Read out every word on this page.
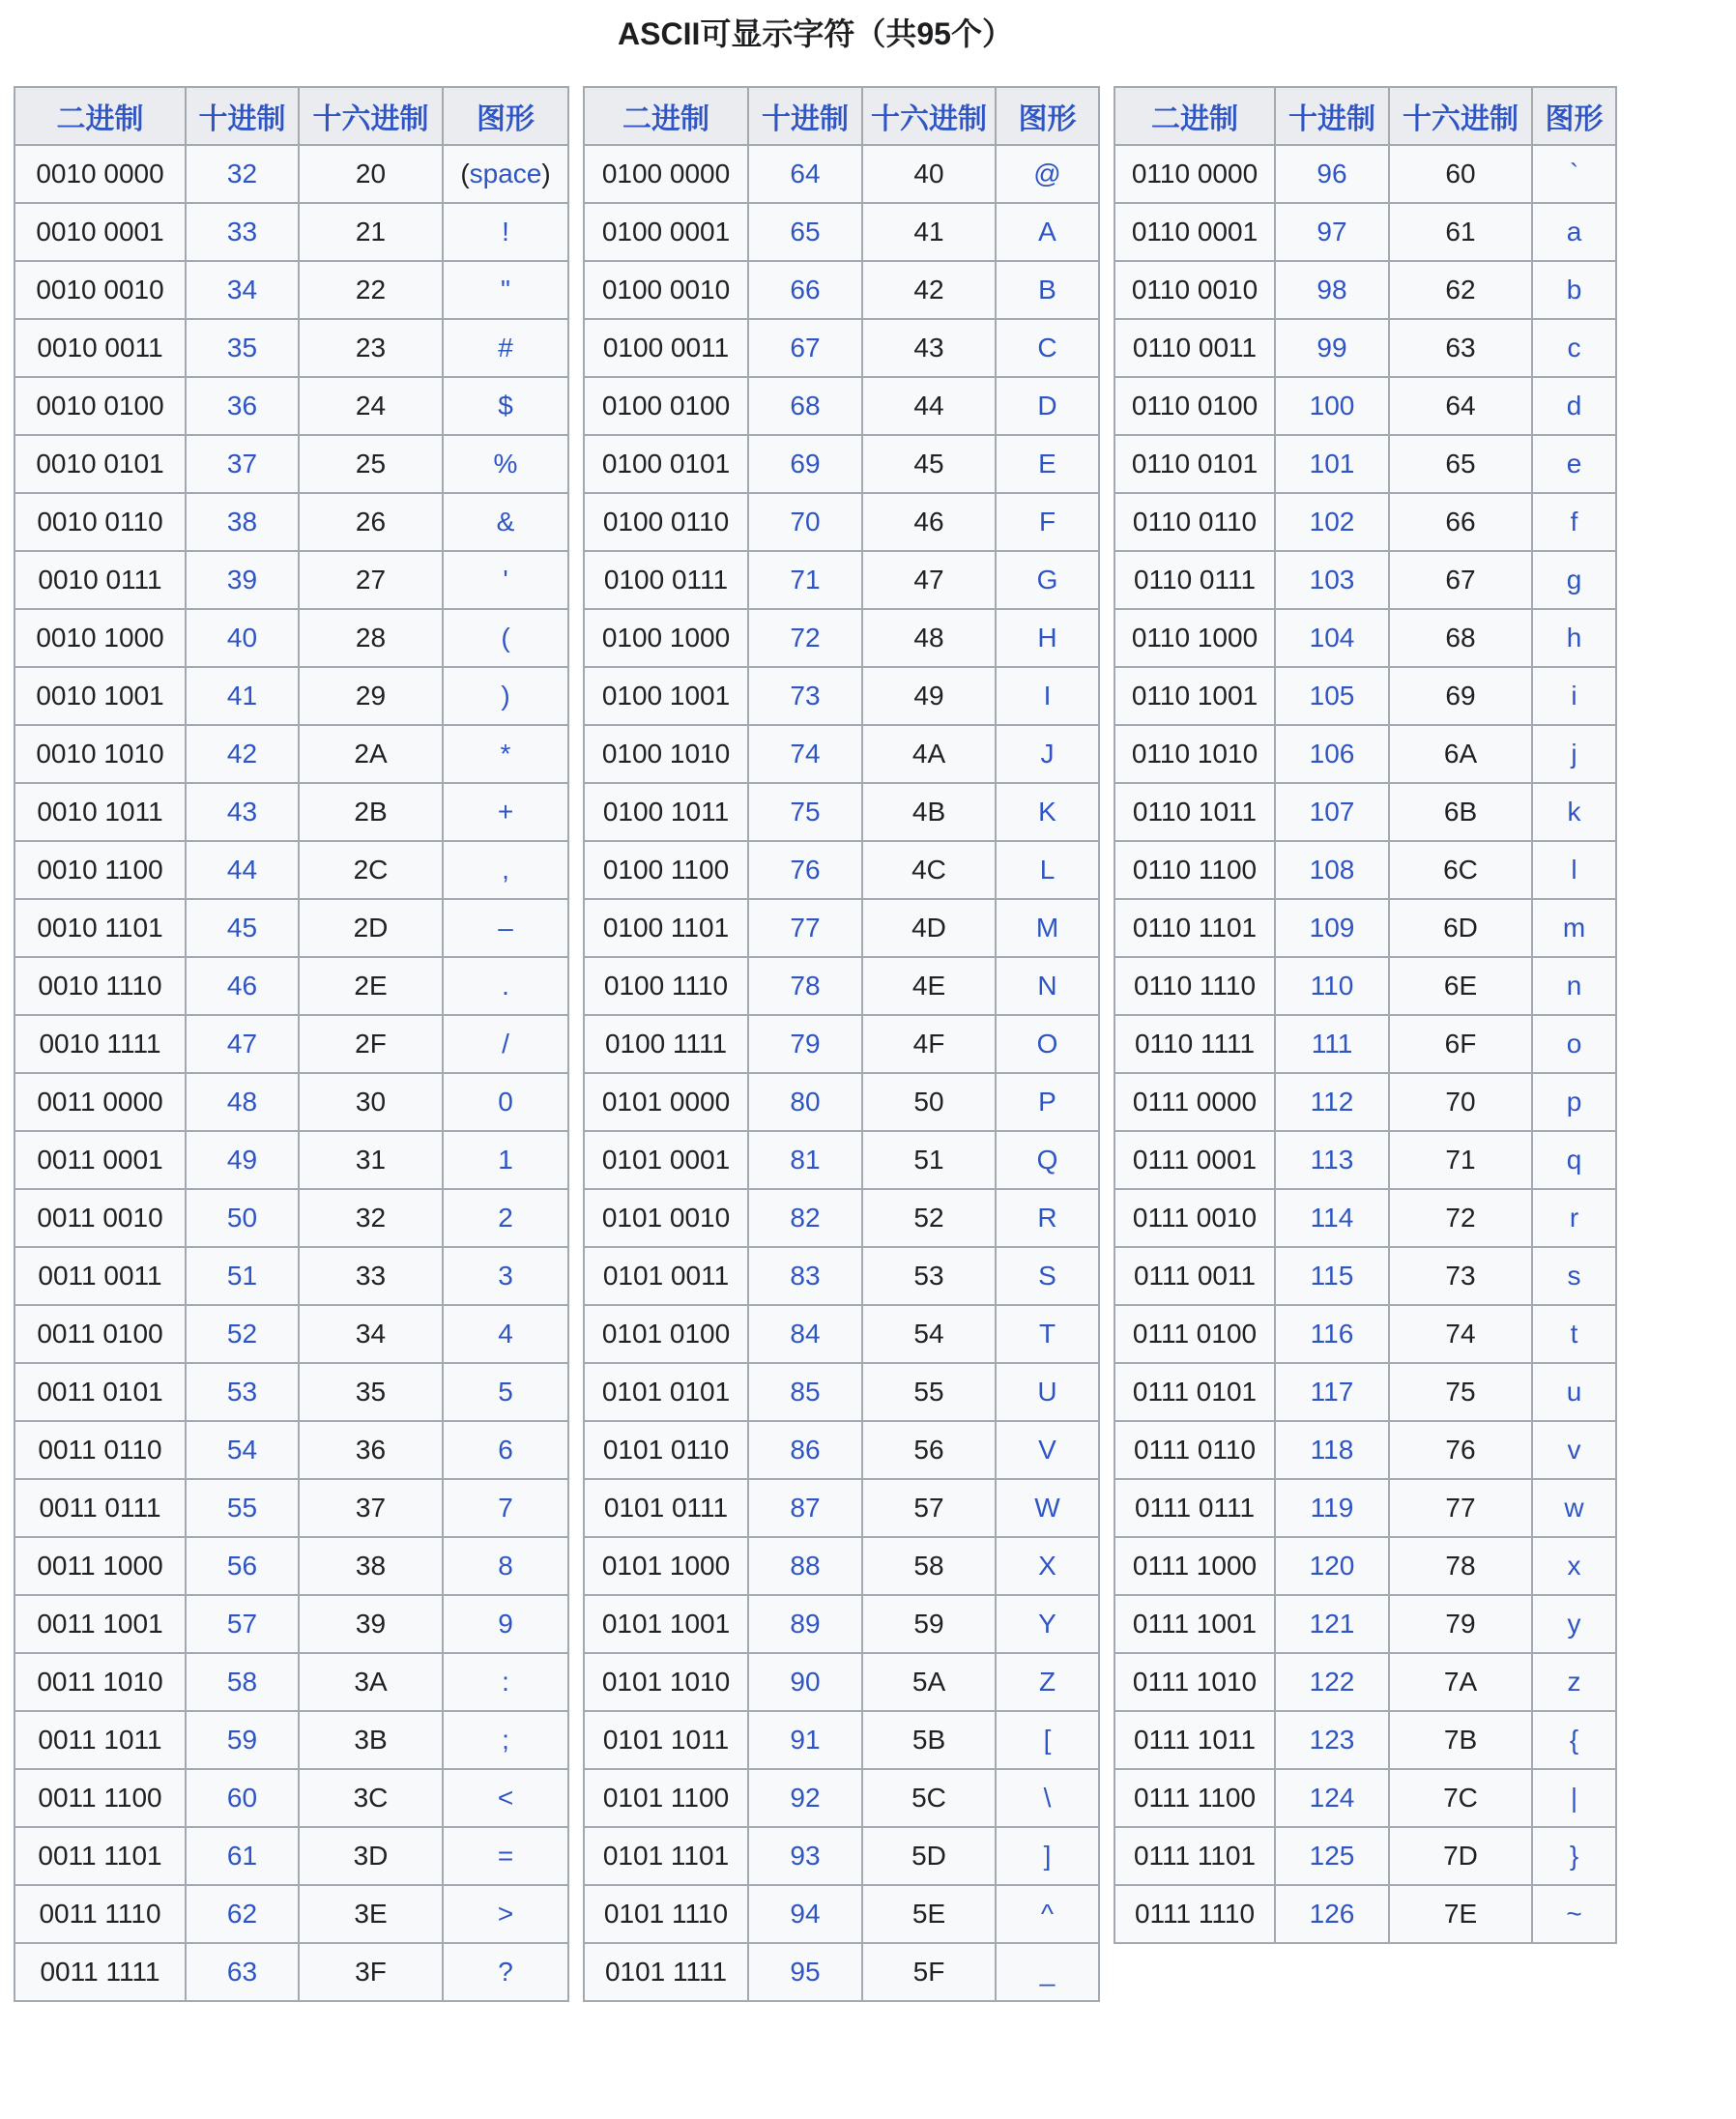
ASCII可显示字符（共95个）
二进制	十进制	十六进制	图形
0010 0000	32	20	(space)
0010 0001	33	21	!
0010 0010	34	22	"
0010 0011	35	23	#
0010 0100	36	24	$
0010 0101	37	25	%
0010 0110	38	26	&
0010 0111	39	27	'
0010 1000	40	28	(
0010 1001	41	29	)
0010 1010	42	2A	*
0010 1011	43	2B	+
0010 1100	44	2C	,
0010 1101	45	2D	–
0010 1110	46	2E	.
0010 1111	47	2F	/
0011 0000	48	30	0
0011 0001	49	31	1
0011 0010	50	32	2
0011 0011	51	33	3
0011 0100	52	34	4
0011 0101	53	35	5
0011 0110	54	36	6
0011 0111	55	37	7
0011 1000	56	38	8
0011 1001	57	39	9
0011 1010	58	3A	:
0011 1011	59	3B	;
0011 1100	60	3C	<
0011 1101	61	3D	=
0011 1110	62	3E	>
0011 1111	63	3F	?
二进制	十进制	十六进制	图形
0100 0000	64	40	@
0100 0001	65	41	A
0100 0010	66	42	B
0100 0011	67	43	C
0100 0100	68	44	D
0100 0101	69	45	E
0100 0110	70	46	F
0100 0111	71	47	G
0100 1000	72	48	H
0100 1001	73	49	I
0100 1010	74	4A	J
0100 1011	75	4B	K
0100 1100	76	4C	L
0100 1101	77	4D	M
0100 1110	78	4E	N
0100 1111	79	4F	O
0101 0000	80	50	P
0101 0001	81	51	Q
0101 0010	82	52	R
0101 0011	83	53	S
0101 0100	84	54	T
0101 0101	85	55	U
0101 0110	86	56	V
0101 0111	87	57	W
0101 1000	88	58	X
0101 1001	89	59	Y
0101 1010	90	5A	Z
0101 1011	91	5B	[
0101 1100	92	5C	\
0101 1101	93	5D	]
0101 1110	94	5E	^
0101 1111	95	5F	_
二进制	十进制	十六进制	图形
0110 0000	96	60	`
0110 0001	97	61	a
0110 0010	98	62	b
0110 0011	99	63	c
0110 0100	100	64	d
0110 0101	101	65	e
0110 0110	102	66	f
0110 0111	103	67	g
0110 1000	104	68	h
0110 1001	105	69	i
0110 1010	106	6A	j
0110 1011	107	6B	k
0110 1100	108	6C	l
0110 1101	109	6D	m
0110 1110	110	6E	n
0110 1111	111	6F	o
0111 0000	112	70	p
0111 0001	113	71	q
0111 0010	114	72	r
0111 0011	115	73	s
0111 0100	116	74	t
0111 0101	117	75	u
0111 0110	118	76	v
0111 0111	119	77	w
0111 1000	120	78	x
0111 1001	121	79	y
0111 1010	122	7A	z
0111 1011	123	7B	{
0111 1100	124	7C	|
0111 1101	125	7D	}
0111 1110	126	7E	~
